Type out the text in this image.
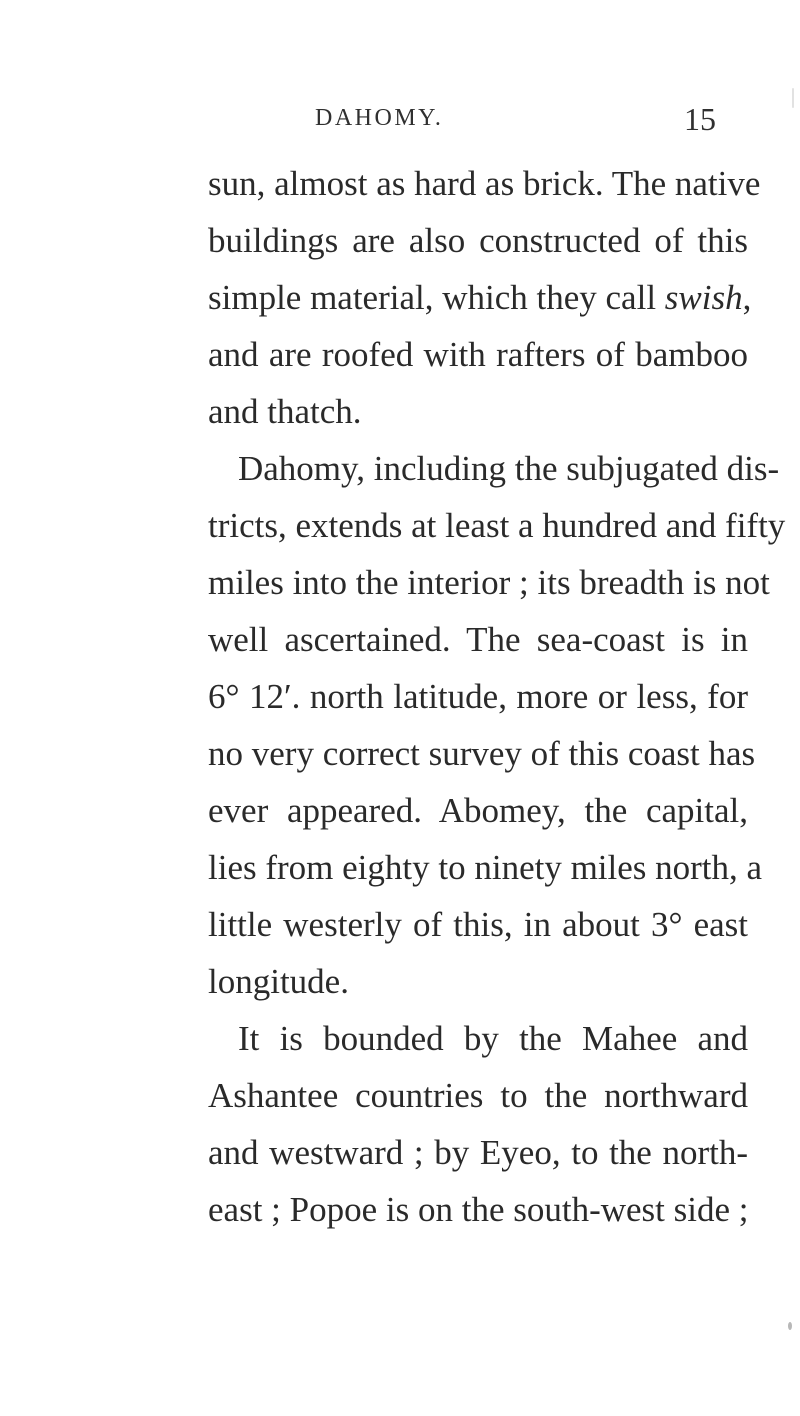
DAHOMY.	15
sun, almost as hard as brick. The native
buildings are also constructed of this
simple material, which they call swish,
and are roofed with rafters of bamboo
and thatch.
Dahomy, including the subjugated dis-
tricts, extends at least a hundred and fifty
miles into the interior ; its breadth is not
well ascertained. The sea-coast is in
6° 12′. north latitude, more or less, for
no very correct survey of this coast has
ever appeared. Abomey, the capital,
lies from eighty to ninety miles north, a
little westerly of this, in about 3° east
longitude.
It is bounded by the Mahee and
Ashantee countries to the northward
and westward ; by Eyeo, to the north-
east ; Popoe is on the south-west side ;
